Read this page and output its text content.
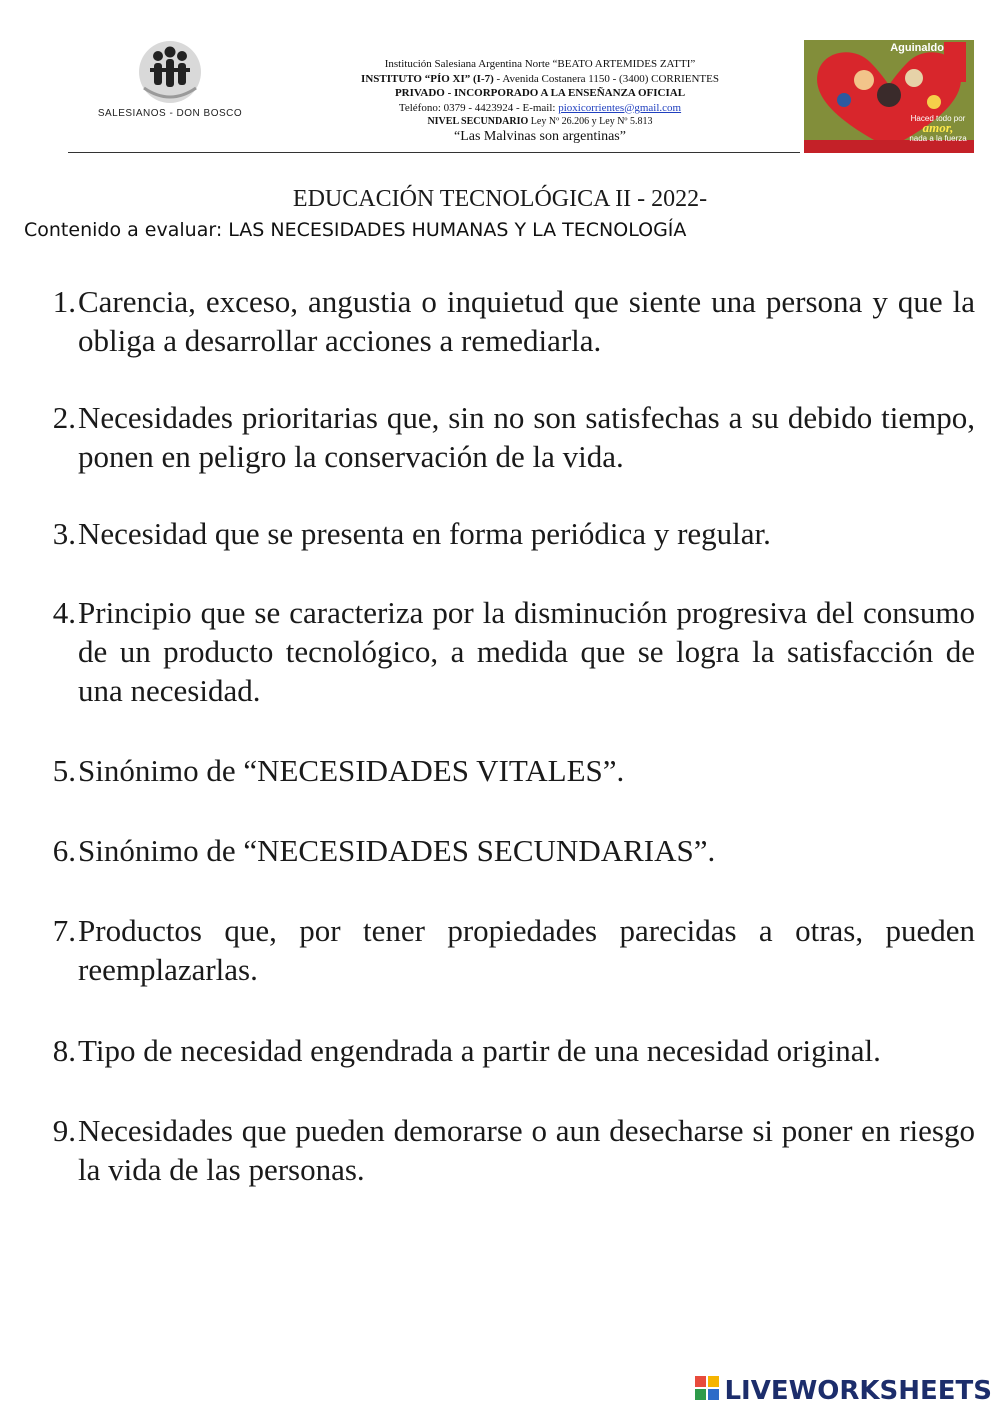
SALESIANOS - DON BOSCO
Institución Salesiana Argentina Norte “BEATO ARTEMIDES ZATTI”
INSTITUTO “PÍO XI” (I-7) - Avenida Costanera 1150 - (3400) CORRIENTES
PRIVADO - INCORPORADO A LA ENSEÑANZA OFICIAL
Teléfono: 0379 - 4423924 - E-mail: pioxicorrientes@gmail.com
NIVEL SECUNDARIO Ley Nº 26.206 y Ley Nº 5.813
“Las Malvinas son argentinas”
Aguinaldo
Haced todo por
amor,
nada a la fuerza
EDUCACIÓN TECNOLÓGICA II - 2022-
Contenido a evaluar: LAS NECESIDADES HUMANAS Y LA TECNOLOGÍA
1. Carencia, exceso, angustia o inquietud que siente una persona y que la obliga a desarrollar acciones a remediarla.
2. Necesidades prioritarias que, sin no son satisfechas a su debido tiempo, ponen en peligro la conservación de la vida.
3. Necesidad que se presenta en forma periódica y regular.
4. Principio que se caracteriza por la disminución progresiva del consumo de un producto tecnológico, a medida que se logra la satisfacción de una necesidad.
5. Sinónimo de “NECESIDADES VITALES”.
6. Sinónimo de “NECESIDADES SECUNDARIAS”.
7. Productos que, por tener propiedades parecidas a otras, pueden reemplazarlas.
8. Tipo de necesidad engendrada a partir de una necesidad original.
9. Necesidades que pueden demorarse o aun desecharse si poner en riesgo la vida de las personas.
LIVEWORKSHEETS
